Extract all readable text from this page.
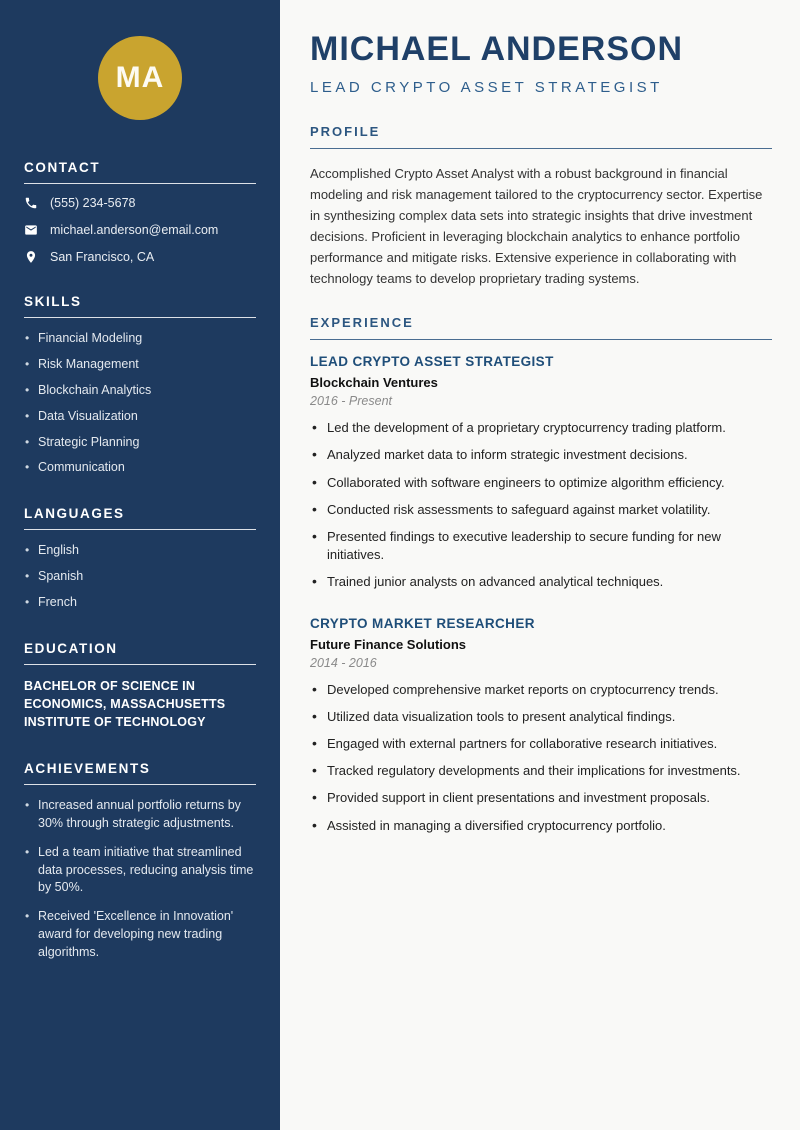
MA
CONTACT
(555) 234-5678
michael.anderson@email.com
San Francisco, CA
SKILLS
• Financial Modeling
• Risk Management
• Blockchain Analytics
• Data Visualization
• Strategic Planning
• Communication
LANGUAGES
• English
• Spanish
• French
EDUCATION

BACHELOR OF SCIENCE IN ECONOMICS, MASSACHUSETTS INSTITUTE OF TECHNOLOGY

ACHIEVEMENTS
• Increased annual portfolio returns by 30% through strategic adjustments.
• Led a team initiative that streamlined data processes, reducing analysis time by 50%.
• Received 'Excellence in Innovation' award for developing new trading algorithms.
MICHAEL ANDERSON
LEAD CRYPTO ASSET STRATEGIST
PROFILE

Accomplished Crypto Asset Analyst with a robust background in financial modeling and risk management tailored to the cryptocurrency sector. Expertise in synthesizing complex data sets into strategic insights that drive investment decisions. Proficient in leveraging blockchain analytics to enhance portfolio performance and mitigate risks. Extensive experience in collaborating with technology teams to develop proprietary trading systems.

EXPERIENCE
LEAD CRYPTO ASSET STRATEGIST
Blockchain Ventures
2016 - Present
• Led the development of a proprietary cryptocurrency trading platform.
• Analyzed market data to inform strategic investment decisions.
• Collaborated with software engineers to optimize algorithm efficiency.
• Conducted risk assessments to safeguard against market volatility.
• Presented findings to executive leadership to secure funding for new initiatives.
• Trained junior analysts on advanced analytical techniques.
CRYPTO MARKET RESEARCHER
Future Finance Solutions
2014 - 2016
• Developed comprehensive market reports on cryptocurrency trends.
• Utilized data visualization tools to present analytical findings.
• Engaged with external partners for collaborative research initiatives.
• Tracked regulatory developments and their implications for investments.
• Provided support in client presentations and investment proposals.
• Assisted in managing a diversified cryptocurrency portfolio.
